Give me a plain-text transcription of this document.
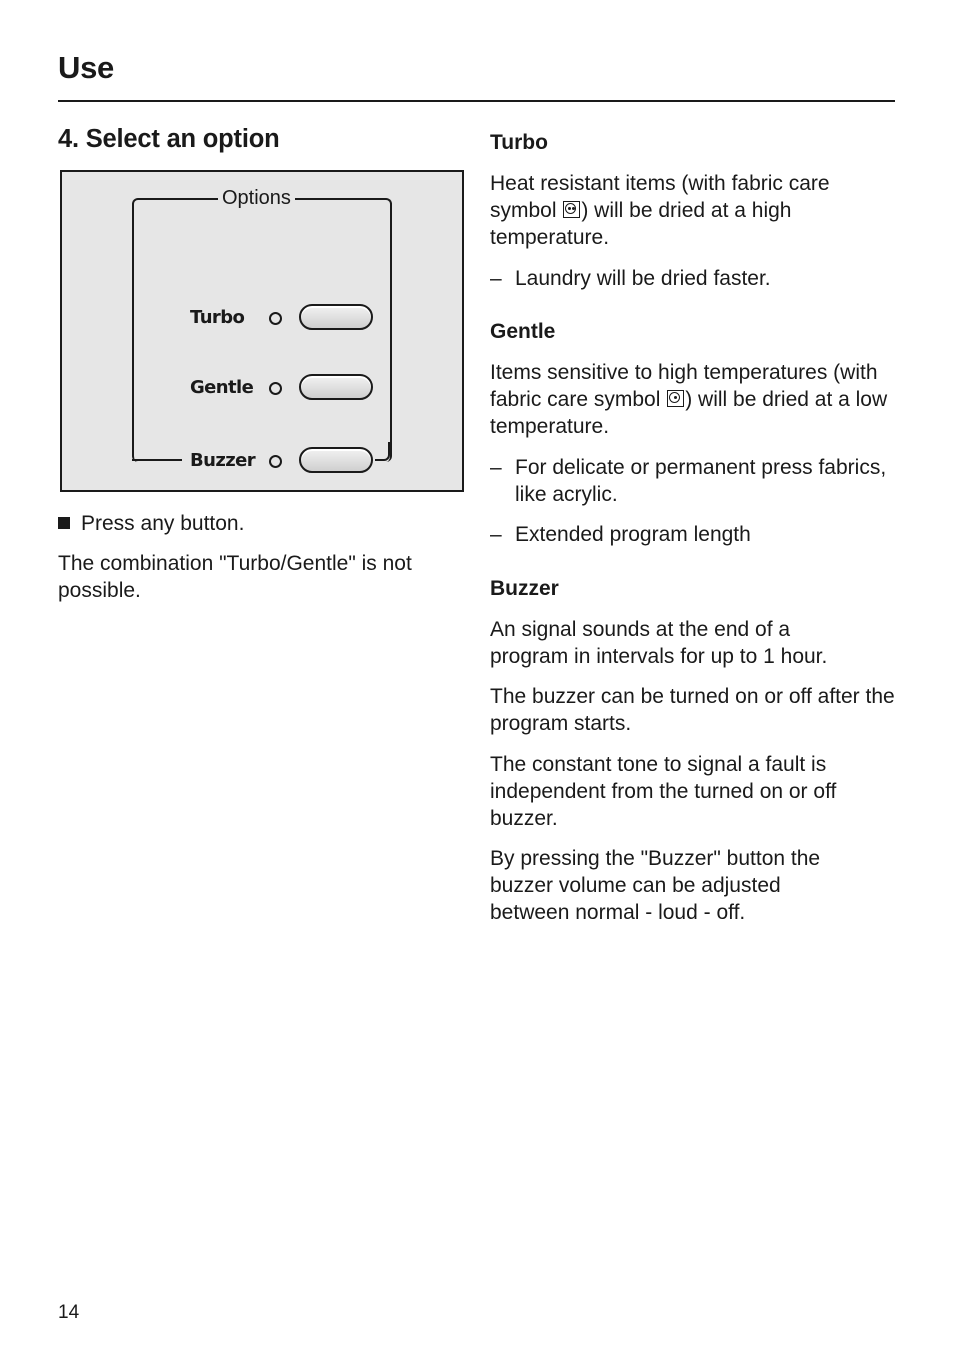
Use
4. Select an option
Options
Turbo
Gentle
Buzzer
Press any button.
The combination "Turbo/Gentle" is not possible.
Turbo
Heat resistant items (with fabric care symbol
) will be dried at a high temperature.
– Laundry will be dried faster.
Gentle
Items sensitive to high temperatures (with fabric care symbol
) will be dried at a low temperature.
– For delicate or permanent press fabrics, like acrylic.
– Extended program length
Buzzer
An signal sounds at the end of a program in intervals for up to 1 hour.
The buzzer can be turned on or off after the program starts.
The constant tone to signal a fault is independent from the turned on or off buzzer.
By pressing the "Buzzer" button the buzzer volume can be adjusted between normal - loud - off.
14
